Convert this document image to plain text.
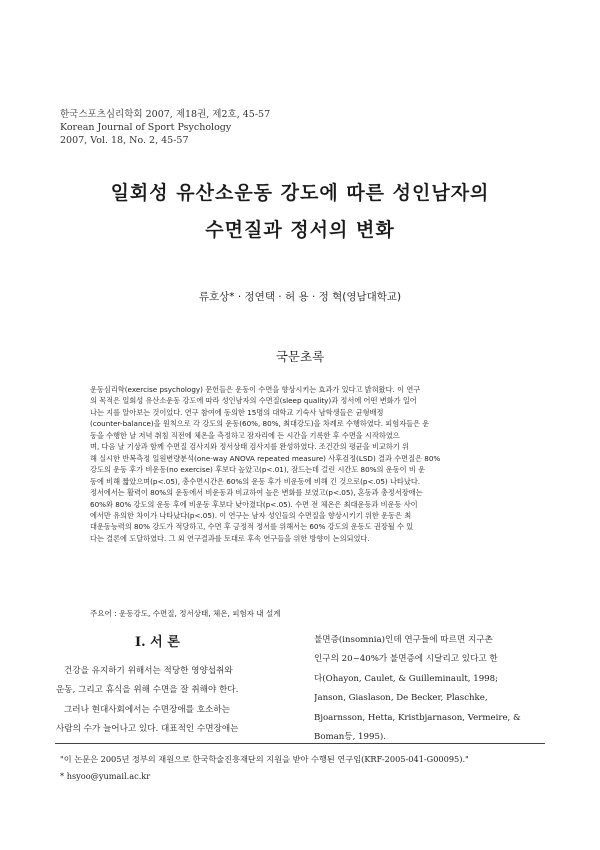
한국스포츠심리학회 2007, 제18권, 제2호, 45-57
Korean Journal of Sport Psychology
2007, Vol. 18, No. 2, 45-57
일회성 유산소운동 강도에 따른 성인남자의
수면질과 정서의 변화
류호상* · 정연택 · 허 용 · 정 혁(영남대학교)
국문초록
운동심리학(exercise psychology) 문헌들은 운동이 수면을 향상시키는 효과가 있다고 밝혀왔다. 이 연구
의 목적은 일회성 유산소운동 강도에 따라 성인남자의 수면질(sleep quality)과 정서에 어떤 변화가 일어
나는 지를 알아보는 것이었다. 연구 참여에 동의한 15명의 대학교 기숙사 남학생들은 균형배정
(counter-balance)을 원칙으로 각 강도의 운동(60%, 80%, 최대강도)을 차례로 수행하였다. 피험자들은 운
동을 수행한 날 저녁 취침 직전에 체온을 측정하고 잠자리에 든 시간을 기록한 후 수면을 시작하였으
며, 다음 날 기상과 함께 수면질 검사지와 정서상태 검사지를 완성하였다. 조건간의 평균을 비교하기 위
해 실시한 반복측정 일원변량분석(one-way ANOVA repeated measure) 사후검정(LSD) 결과 수면질은 80%
강도의 운동 후가 비운동(no exercise) 후보다 높았고(p<.01), 잠드는데 걸린 시간도 80%의 운동이 비 운
동에 비해 짧았으며(p<.05), 총수면시간은 60%의 운동 후가 비운동에 비해 긴 것으로(p<.05) 나타났다.
정서에서는 활력이 80%의 운동에서 비운동과 비교하여 높은 변화를 보였고(p<.05), 혼동과 총정서장애는
60%와 80% 강도의 운동 후에 비운동 후보다 낮아졌다(p<.05). 수면 전 체온은 최대운동과 비운동 사이
에서만 유의한 차이가 나타났다(p<.05). 이 연구는 남자 성인들의 수면질을 향상시키기 위한 운동은 최
대운동능력의 80% 강도가 적당하고, 수면 후 긍정적 정서를 위해서는 60% 강도의 운동도 권장될 수 있
다는 결론에 도달하였다. 그 외 연구결과를 토대로 후속 연구들을 위한 방향이 논의되었다.
주요어 : 운동강도, 수면질, 정서상태, 체온, 피험자 내 설계
I. 서 론
건강을 유지하기 위해서는 적당한 영양섭취와
운동, 그리고 휴식을 위해 수면을 잘 취해야 한다.
그러나 현대사회에서는 수면장애를 호소하는
사람의 수가 늘어나고 있다. 대표적인 수면장애는
불면증(insomnia)인데 연구들에 따르면 지구촌
인구의 20~40%가 불면증에 시달리고 있다고 한
다(Ohayon, Caulet, & Guilleminault, 1998;
Janson, Giaslason, De Becker, Plaschke,
Bjoarnsson, Hetta, Kristbjarnason, Vermeire, &
Boman등, 1995).
"이 논문은 2005년 정부의 재원으로 한국학술진흥재단의 지원을 받아 수행된 연구임(KRF-2005-041-G00095)."
* hsyoo@yumail.ac.kr
